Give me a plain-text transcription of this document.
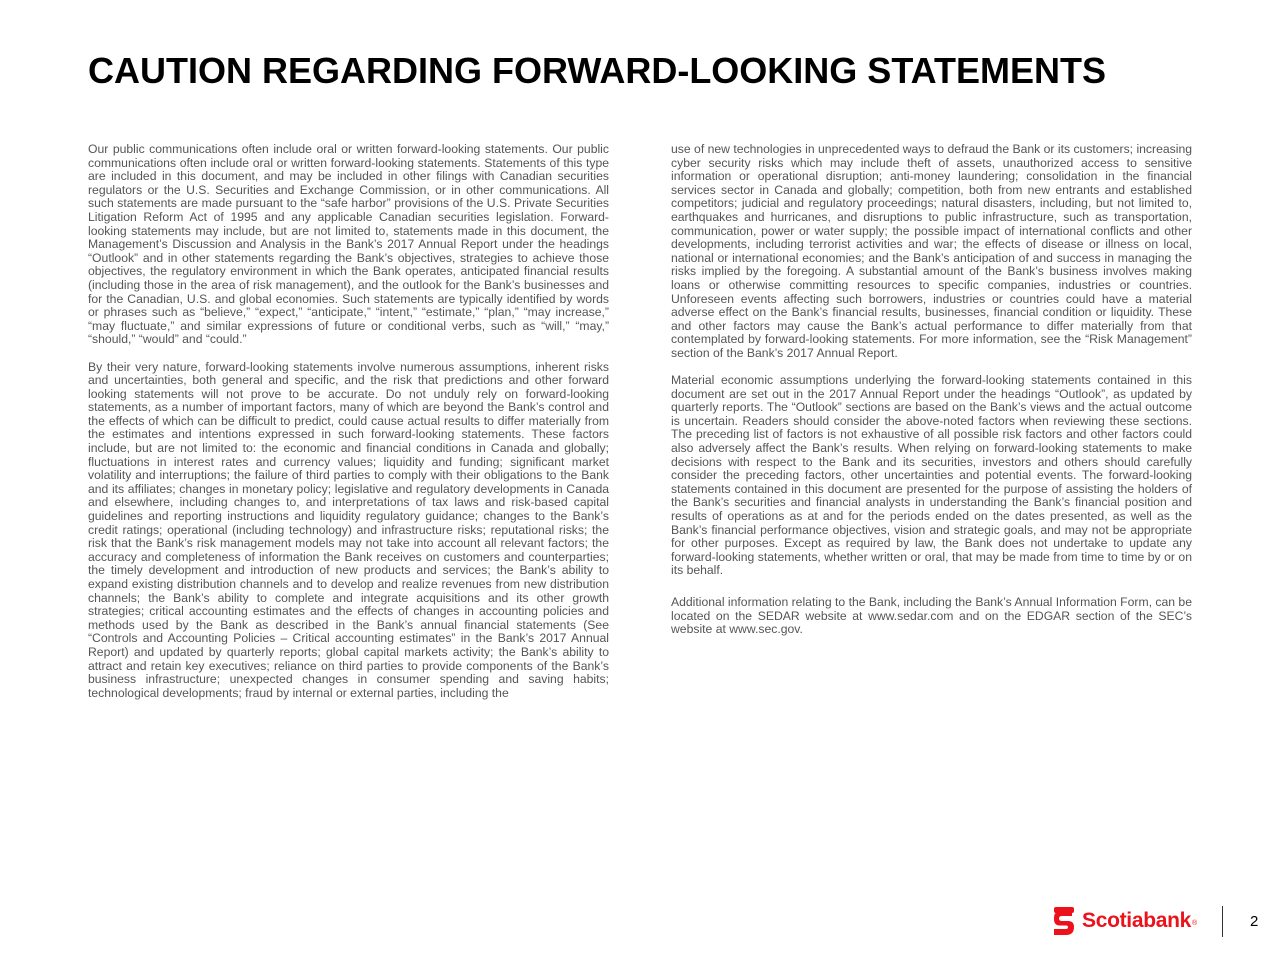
CAUTION REGARDING FORWARD-LOOKING STATEMENTS

Our public communications often include oral or written forward-looking statements. Our public communications often include oral or written forward-looking statements. Statements of this type are included in this document, and may be included in other filings with Canadian securities regulators or the U.S. Securities and Exchange Commission, or in other communications. All such statements are made pursuant to the “safe harbor” provisions of the U.S. Private Securities Litigation Reform Act of 1995 and any applicable Canadian securities legislation. Forward-looking statements may include, but are not limited to, statements made in this document, the Management’s Discussion and Analysis in the Bank’s 2017 Annual Report under the headings “Outlook” and in other statements regarding the Bank’s objectives, strategies to achieve those objectives, the regulatory environment in which the Bank operates, anticipated financial results (including those in the area of risk management), and the outlook for the Bank’s businesses and for the Canadian, U.S. and global economies. Such statements are typically identified by words or phrases such as “believe,” “expect,” “anticipate,” “intent,” “estimate,” “plan,” “may increase,” “may fluctuate,” and similar expressions of future or conditional verbs, such as “will,” “may,” “should,” “would” and “could.”

By their very nature, forward-looking statements involve numerous assumptions, inherent risks and uncertainties, both general and specific, and the risk that predictions and other forward looking statements will not prove to be accurate. Do not unduly rely on forward-looking statements, as a number of important factors, many of which are beyond the Bank’s control and the effects of which can be difficult to predict, could cause actual results to differ materially from the estimates and intentions expressed in such forward-looking statements. These factors include, but are not limited to: the economic and financial conditions in Canada and globally; fluctuations in interest rates and currency values; liquidity and funding; significant market volatility and interruptions; the failure of third parties to comply with their obligations to the Bank and its affiliates; changes in monetary policy; legislative and regulatory developments in Canada and elsewhere, including changes to, and interpretations of tax laws and risk-based capital guidelines and reporting instructions and liquidity regulatory guidance; changes to the Bank’s credit ratings; operational (including technology) and infrastructure risks; reputational risks; the risk that the Bank’s risk management models may not take into account all relevant factors; the accuracy and completeness of information the Bank receives on customers and counterparties; the timely development and introduction of new products and services; the Bank’s ability to expand existing distribution channels and to develop and realize revenues from new distribution channels; the Bank’s ability to complete and integrate acquisitions and its other growth strategies; critical accounting estimates and the effects of changes in accounting policies and methods used by the Bank as described in the Bank’s annual financial statements (See “Controls and Accounting Policies – Critical accounting estimates” in the Bank’s 2017 Annual Report) and updated by quarterly reports; global capital markets activity; the Bank’s ability to attract and retain key executives; reliance on third parties to provide components of the Bank’s business infrastructure; unexpected changes in consumer spending and saving habits; technological developments; fraud by internal or external parties, including the

use of new technologies in unprecedented ways to defraud the Bank or its customers; increasing cyber security risks which may include theft of assets, unauthorized access to sensitive information or operational disruption; anti-money laundering; consolidation in the financial services sector in Canada and globally; competition, both from new entrants and established competitors; judicial and regulatory proceedings; natural disasters, including, but not limited to, earthquakes and hurricanes, and disruptions to public infrastructure, such as transportation, communication, power or water supply; the possible impact of international conflicts and other developments, including terrorist activities and war; the effects of disease or illness on local, national or international economies; and the Bank’s anticipation of and success in managing the risks implied by the foregoing. A substantial amount of the Bank’s business involves making loans or otherwise committing resources to specific companies, industries or countries. Unforeseen events affecting such borrowers, industries or countries could have a material adverse effect on the Bank’s financial results, businesses, financial condition or liquidity. These and other factors may cause the Bank’s actual performance to differ materially from that contemplated by forward-looking statements. For more information, see the “Risk Management” section of the Bank’s 2017 Annual Report.

Material economic assumptions underlying the forward-looking statements contained in this document are set out in the 2017 Annual Report under the headings “Outlook”, as updated by quarterly reports. The “Outlook” sections are based on the Bank’s views and the actual outcome is uncertain. Readers should consider the above-noted factors when reviewing these sections. The preceding list of factors is not exhaustive of all possible risk factors and other factors could also adversely affect the Bank’s results. When relying on forward-looking statements to make decisions with respect to the Bank and its securities, investors and others should carefully consider the preceding factors, other uncertainties and potential events. The forward-looking statements contained in this document are presented for the purpose of assisting the holders of the Bank’s securities and financial analysts in understanding the Bank’s financial position and results of operations as at and for the periods ended on the dates presented, as well as the Bank’s financial performance objectives, vision and strategic goals, and may not be appropriate for other purposes. Except as required by law, the Bank does not undertake to update any forward-looking statements, whether written or oral, that may be made from time to time by or on its behalf.

Additional information relating to the Bank, including the Bank’s Annual Information Form, can be located on the SEDAR website at www.sedar.com and on the EDGAR section of the SEC’s website at www.sec.gov.

Scotiabank ®	2
